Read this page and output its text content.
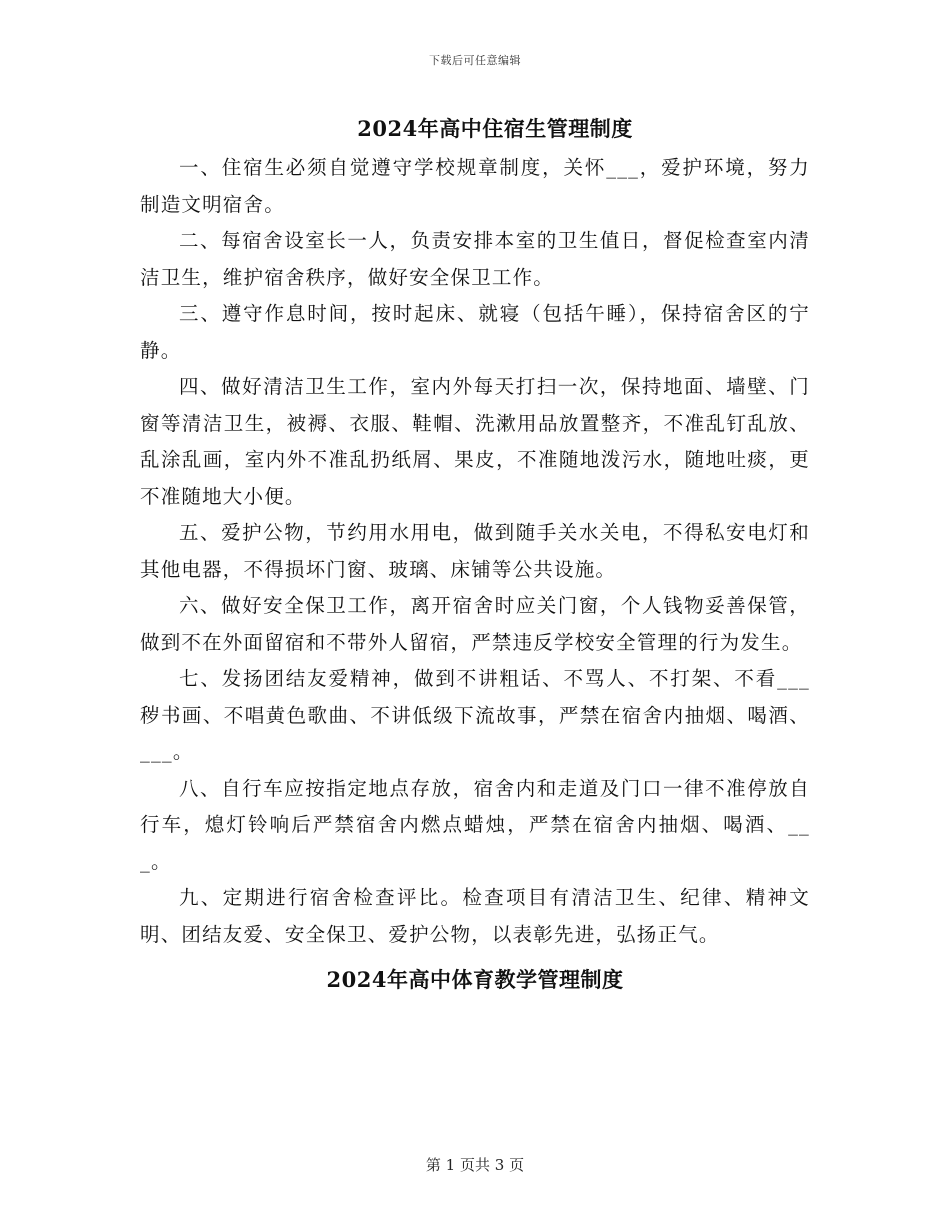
下载后可任意编辑
2024年高中住宿生管理制度

一、住宿生必须自觉遵守学校规章制度，关怀___，爱护环境，努力制造文明宿舍。

二、每宿舍设室长一人，负责安排本室的卫生值日，督促检查室内清洁卫生，维护宿舍秩序，做好安全保卫工作。

三、遵守作息时间，按时起床、就寝（包括午睡），保持宿舍区的宁静。

四、做好清洁卫生工作，室内外每天打扫一次，保持地面、墙壁、门窗等清洁卫生，被褥、衣服、鞋帽、洗漱用品放置整齐，不准乱钉乱放、乱涂乱画，室内外不准乱扔纸屑、果皮，不准随地泼污水，随地吐痰，更不准随地大小便。

五、爱护公物，节约用水用电，做到随手关水关电，不得私安电灯和其他电器，不得损坏门窗、玻璃、床铺等公共设施。

六、做好安全保卫工作，离开宿舍时应关门窗，个人钱物妥善保管，做到不在外面留宿和不带外人留宿，严禁违反学校安全管理的行为发生。

七、发扬团结友爱精神，做到不讲粗话、不骂人、不打架、不看___秽书画、不唱黄色歌曲、不讲低级下流故事，严禁在宿舍内抽烟、喝酒、___。

八、自行车应按指定地点存放，宿舍内和走道及门口一律不准停放自行车，熄灯铃响后严禁宿舍内燃点蜡烛，严禁在宿舍内抽烟、喝酒、___。

九、定期进行宿舍检查评比。检查项目有清洁卫生、纪律、精神文明、团结友爱、安全保卫、爱护公物，以表彰先进，弘扬正气。

2024年高中体育教学管理制度
第 1 页共 3 页
